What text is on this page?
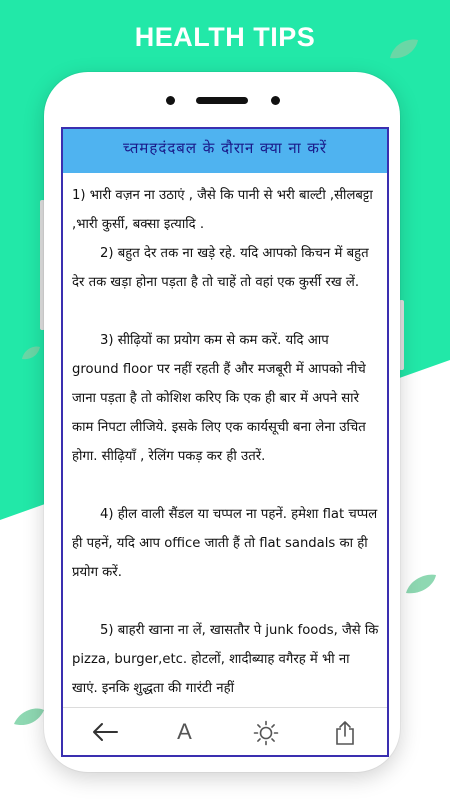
HEALTH TIPS
च्तमहदंदबल के दौरान क्या ना करें

1) भारी वज़न ना उठाएं , जैसे कि पानी से भरी बाल्टी ,सीलबट्टा ,भारी कुर्सी, बक्सा इत्यादि .

2) बहुत देर तक ना खड़े रहे. यदि आपको किचन में बहुत देर तक खड़ा होना पड़ता है तो चाहें तो वहां एक कुर्सी रख लें.

3) सीढ़ियों का प्रयोग कम से कम करें. यदि आप ground floor पर नहीं रहती हैं और मजबूरी में आपको नीचे जाना पड़ता है तो कोशिश करिए कि एक ही बार में अपने सारे काम निपटा लीजिये. इसके लिए एक कार्यसूची बना लेना उचित होगा. सीढ़ियाँ , रेलिंग पकड़ कर ही उतरें.

4) हील वाली सैंडल या चप्पल ना पहनें. हमेशा flat चप्पल ही पहनें, यदि आप office जाती हैं तो flat sandals का ही प्रयोग करें.

5) बाहरी खाना ना लें, खासतौर पे junk foods, जैसे कि pizza, burger,etc. होटलों, शादीब्याह वगैरह में भी ना खाएं. इनकि शुद्धता की गारंटी नहीं

A
